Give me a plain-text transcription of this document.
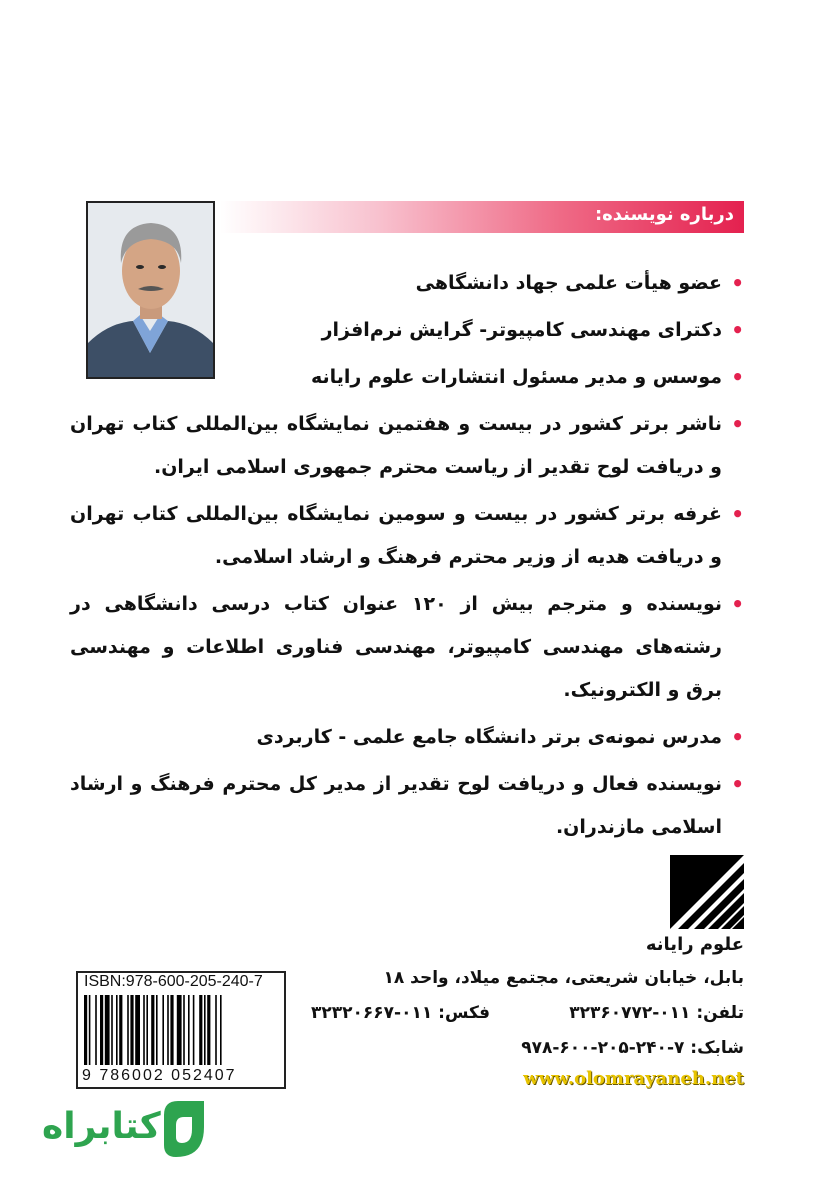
درباره نویسنده:
•
عضو هیأت علمی جهاد دانشگاهی
•
دکترای مهندسی کامپیوتر- گرایش نرم‌افزار
•
موسس و مدیر مسئول انتشارات علوم رایانه
•
ناشر برتر کشور در بیست و هفتمین نمایشگاه بین‌المللی کتاب تهران و دریافت لوح تقدیر از ریاست محترم جمهوری اسلامی ایران.
•
غرفه برتر کشور در بیست و سومین نمایشگاه بین‌المللی کتاب تهران و دریافت هدیه از وزیر محترم فرهنگ و ارشاد اسلامی.
•
نویسنده و مترجم بیش از ۱۲۰ عنوان کتاب درسی دانشگاهی در رشته‌های مهندسی کامپیوتر، مهندسی فناوری اطلاعات و مهندسی برق و الکترونیک.
•
مدرس نمونه‌ی برتر دانشگاه جامع علمی - کاربردی
•
نویسنده فعال و دریافت لوح تقدیر از مدیر کل محترم فرهنگ و ارشاد اسلامی مازندران.
علوم رایانه
بابل، خیابان شریعتی، مجتمع میلاد، واحد ۱۸
تلفن: ۰۱۱-۳۲۳۶۰۷۷۲
فکس: ۰۱۱-۳۲۳۲۰۶۶۷
شابک: ۷-۲۴۰-۲۰۵-۶۰۰-۹۷۸
www.olomrayaneh.net
ISBN:978-600-205-240-7
9 786002 052407
کتابراه
